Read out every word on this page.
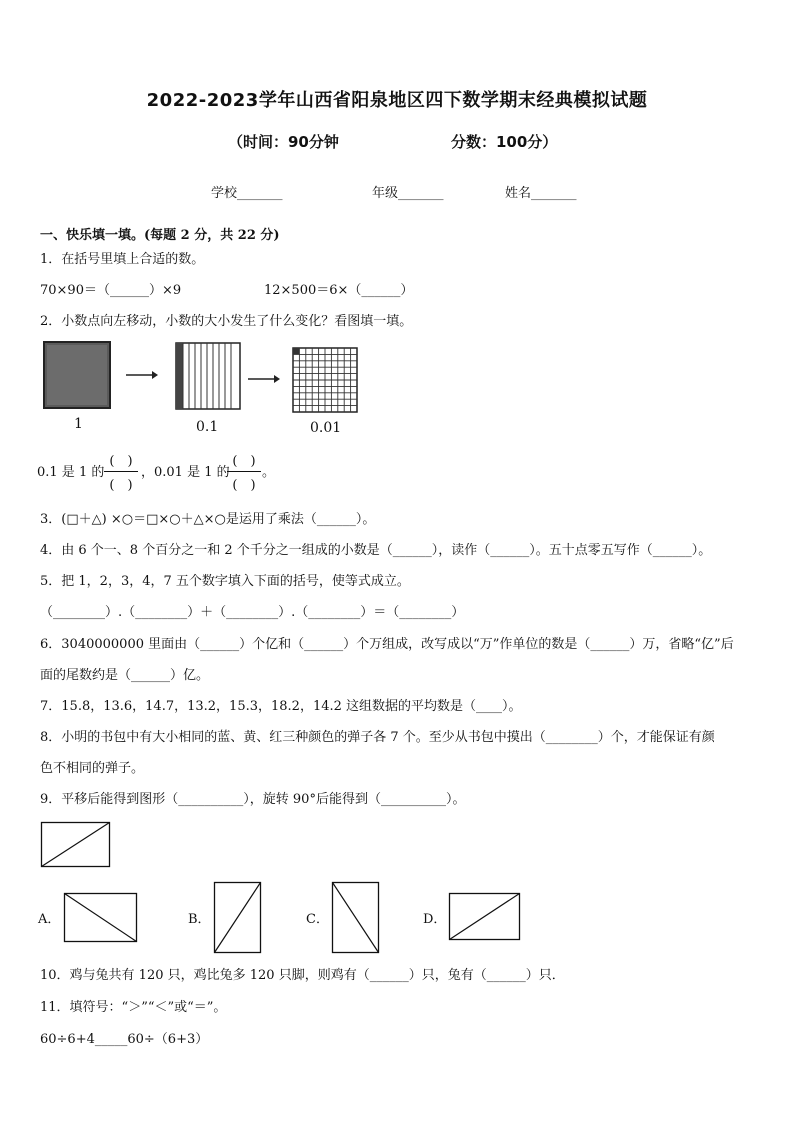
2022-2023学年山西省阳泉地区四下数学期末经典模拟试题
（时间：90分钟	分数：100分）
学校_______	年级_______	姓名_______
一、快乐填一填。(每题 2 分，共 22 分)
1．在括号里填上合适的数。
70×90＝（______）×9	12×500＝6×（______）
2．小数点向左移动，小数的大小发生了什么变化？看图填一填。
1	0.1	0.01
0.1 是 1 的
(　)
(　)
，0.01 是 1 的
(　)
(　)
。
3．(□＋△) ×○＝□×○＋△×○是运用了乘法（______）。
4．由 6 个一、8 个百分之一和 2 个千分之一组成的小数是（______），读作（______）。五十点零五写作（______）。
5．把 1，2，3，4，7 五个数字填入下面的括号，使等式成立。
（________）.（________）＋（________）.（________）＝（________）
6．3040000000 里面由（______）个亿和（______）个万组成，改写成以“万”作单位的数是（______）万，省略“亿”后
面的尾数约是（______）亿。
7．15.8，13.6，14.7，13.2，15.3，18.2，14.2 这组数据的平均数是（____）。
8．小明的书包中有大小相同的蓝、黄、红三种颜色的弹子各 7 个。至少从书包中摸出（________）个，才能保证有颜
色不相同的弹子。
9．平移后能得到图形（__________），旋转 90°后能得到（__________）。
A．	B．	C．	D．
10．鸡与兔共有 120 只，鸡比兔多 120 只脚，则鸡有（______）只，兔有（______）只．
11．填符号：“＞”“＜”或“＝”。
60÷6+4_____60÷（6+3）
